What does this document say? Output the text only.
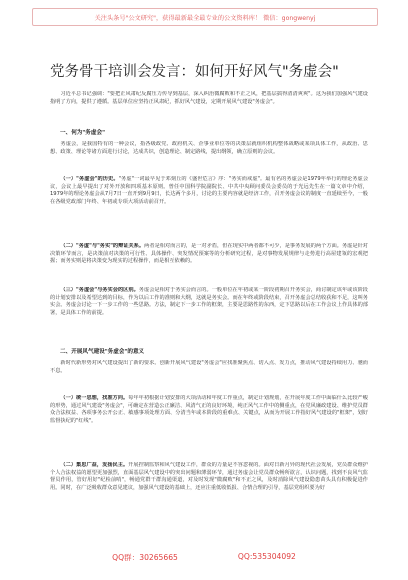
关注头条号"公文研究"，获得最新最全最专业的公文资料库！ 微信：gongwenyj
党务骨干培训会发言：如何开好风气"务虚会"

习近平总书记强调："要把正风肃纪反腐压力传导到基层，深入纠治微腐败和不正之风，把基层搞得清清爽爽"。这为我们加强风气建设指明了方向，提供了遵循。基层单位应坚持正风肃纪，抓好风气建设，定期开展风气建设"务虚会"。

一、何为"务虚会"

务虚会，是我国特有的一种会议，指各级政党、政府机关、企事业单位等的决策层就组织机构整体战略或某项具体工作，从政治、思想、政策、理论等诸方面进行讨论，达成共识，创造理论、制定路线，提出纲领，确立原则的会议。

（一）"务虚会"的历史。"务虚"一词最早见于邓刻丘的《盛世危言》序："务实而戒虚"。最有名的务虚会是1979年举行的理论务虚会议，会议上最早提出了对外开放和四项基本原则。曾任中国科学院副院长、中共中央顾问委员会委员的于光远先生在一篇文章中介绍，1979年的理论务虚会从7月7日一直开到9月9日，长达两个多月，讨论的主要内容就是经济工作，召开务虚会议的制度一直延续至今，一般在各级党政部门年终、年初或专项大项活动前召开。

（二）"务虚"与"务实"的辩证关系。两者是相对而言的，是一对矛盾，但在现实中两者都不可少，是事务发展的两个方面。务虚是针对决策环节而言，是决策前对决策的可行性、具体操作、突发情况预案等的分析研究过程，是对事物发展规律与走势进行高屋建瓴的宏观把握；而务实则是将决策变为现实的过程操作，而是相互依赖的。

（三）"务虚会"与务实会的区别。务虚会是相对于务实会而言的。一般单位在年初或某一阶段初期召开务实会，商讨制定该年或该阶段的计划安排以及希望达到的目标，作为以后工作的准则和大纲，这就是务实会。而在年终或阶段结束，召开务虚会总结收获和不足，这叫务实会。务虚会讨论一下一步工作的一些思路。方法，制定下一步工作的框架，主要是思路性的东西，定下思路以后在工作会议上作具体的部署，是具体工作的前提。

二、开展风气建设"务虚会"的意义

新时代新形势对风气建设提出了新的要求。创新开展风气建设"务虚会"应找准聚焦点、切入点、发力点，推动风气建设持续用力、驰而不息。

（一）统一思想，找准方向。每年年初根据计划安排的大项活动和年度工作重点，制定计划规划，在开展年度工作中面临什么比较严峻的形势，通过风气建设"务虚会"，可确定在营造公正廉洁、风清气正的良好环境，纯正风气工作中的侧重点，在党风廉政建设、维护党员群众合法权益、各项事务公开公正、敏感事项处理方面、分清当年或本阶段的重难点、关键点，从而为开展工作指好风气建设的"框架"，划好监督执纪的"红线"。

（二）集思广益，发扬民主。开展控制监察和风气建设工作，群众的力量是不容忽视的。面对日新月异的现代社会发展，党员群众维护个人合法权益的愿望更加强烈，直面基层风气建设中的突出问题和薄弱环节，通过务虚会让党员群众畅所欲言，认识问题，找到不良风气监督员作用，管好用好"纪检前哨"，畅通党群干群沟通渠道，对及时发现"微腐败"和不正之风，及时消除风气建设隐患苗头具有积极促进作用。同时，在广泛吸收群众意见建议，加强风气建设的基础上，还应注重低收低报、合情合理的引导，基层党组织要为好

QQ群：30265665	QQ:535304092
